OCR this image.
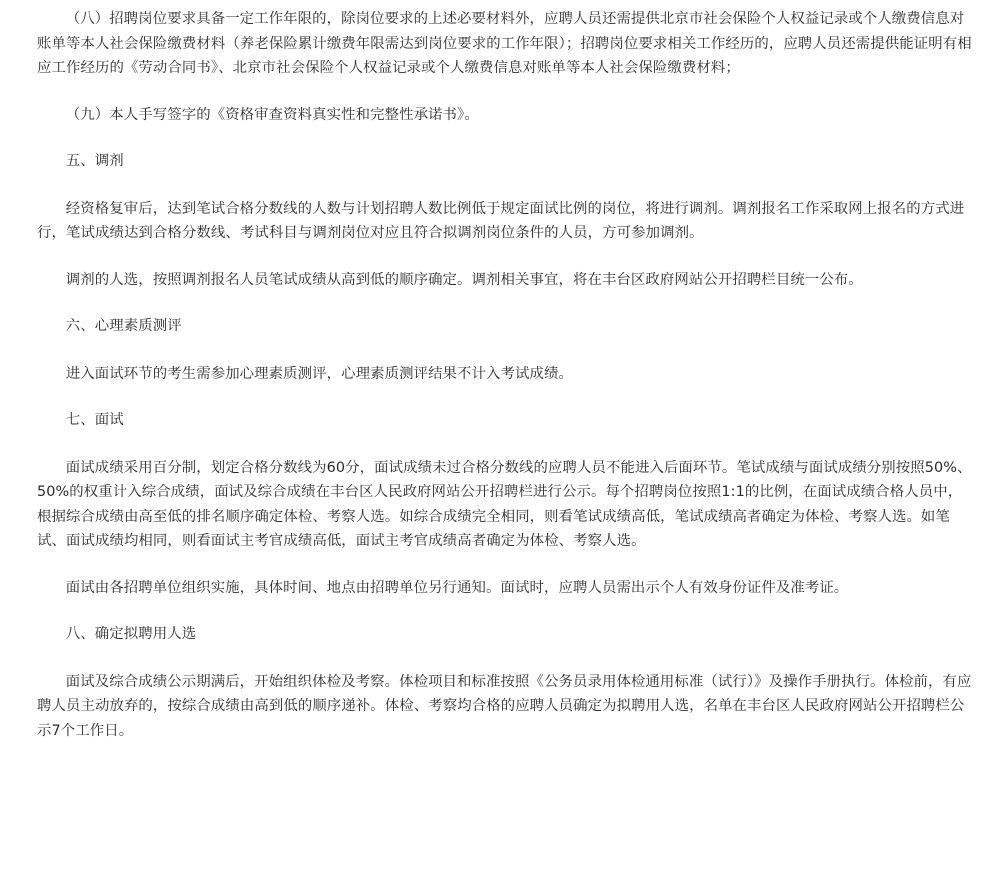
（八）招聘岗位要求具备一定工作年限的，除岗位要求的上述必要材料外，应聘人员还需提供北京市社会保险个人权益记录或个人缴费信息对账单等本人社会保险缴费材料（养老保险累计缴费年限需达到岗位要求的工作年限）；招聘岗位要求相关工作经历的，应聘人员还需提供能证明有相应工作经历的《劳动合同书》、北京市社会保险个人权益记录或个人缴费信息对账单等本人社会保险缴费材料；

（九）本人手写签字的《资格审查资料真实性和完整性承诺书》。

五、调剂

经资格复审后，达到笔试合格分数线的人数与计划招聘人数比例低于规定面试比例的岗位，将进行调剂。调剂报名工作采取网上报名的方式进行，笔试成绩达到合格分数线、考试科目与调剂岗位对应且符合拟调剂岗位条件的人员，方可参加调剂。

调剂的人选，按照调剂报名人员笔试成绩从高到低的顺序确定。调剂相关事宜，将在丰台区政府网站公开招聘栏目统一公布。

六、心理素质测评

进入面试环节的考生需参加心理素质测评，心理素质测评结果不计入考试成绩。

七、面试

面试成绩采用百分制，划定合格分数线为60分，面试成绩未过合格分数线的应聘人员不能进入后面环节。笔试成绩与面试成绩分别按照50%、50%的权重计入综合成绩，面试及综合成绩在丰台区人民政府网站公开招聘栏进行公示。每个招聘岗位按照1:1的比例，在面试成绩合格人员中，根据综合成绩由高至低的排名顺序确定体检、考察人选。如综合成绩完全相同，则看笔试成绩高低，笔试成绩高者确定为体检、考察人选。如笔试、面试成绩均相同，则看面试主考官成绩高低，面试主考官成绩高者确定为体检、考察人选。

面试由各招聘单位组织实施，具体时间、地点由招聘单位另行通知。面试时，应聘人员需出示个人有效身份证件及准考证。

八、确定拟聘用人选

面试及综合成绩公示期满后，开始组织体检及考察。体检项目和标准按照《公务员录用体检通用标准（试行）》及操作手册执行。体检前，有应聘人员主动放弃的，按综合成绩由高到低的顺序递补。体检、考察均合格的应聘人员确定为拟聘用人选，名单在丰台区人民政府网站公开招聘栏公示7个工作日。
